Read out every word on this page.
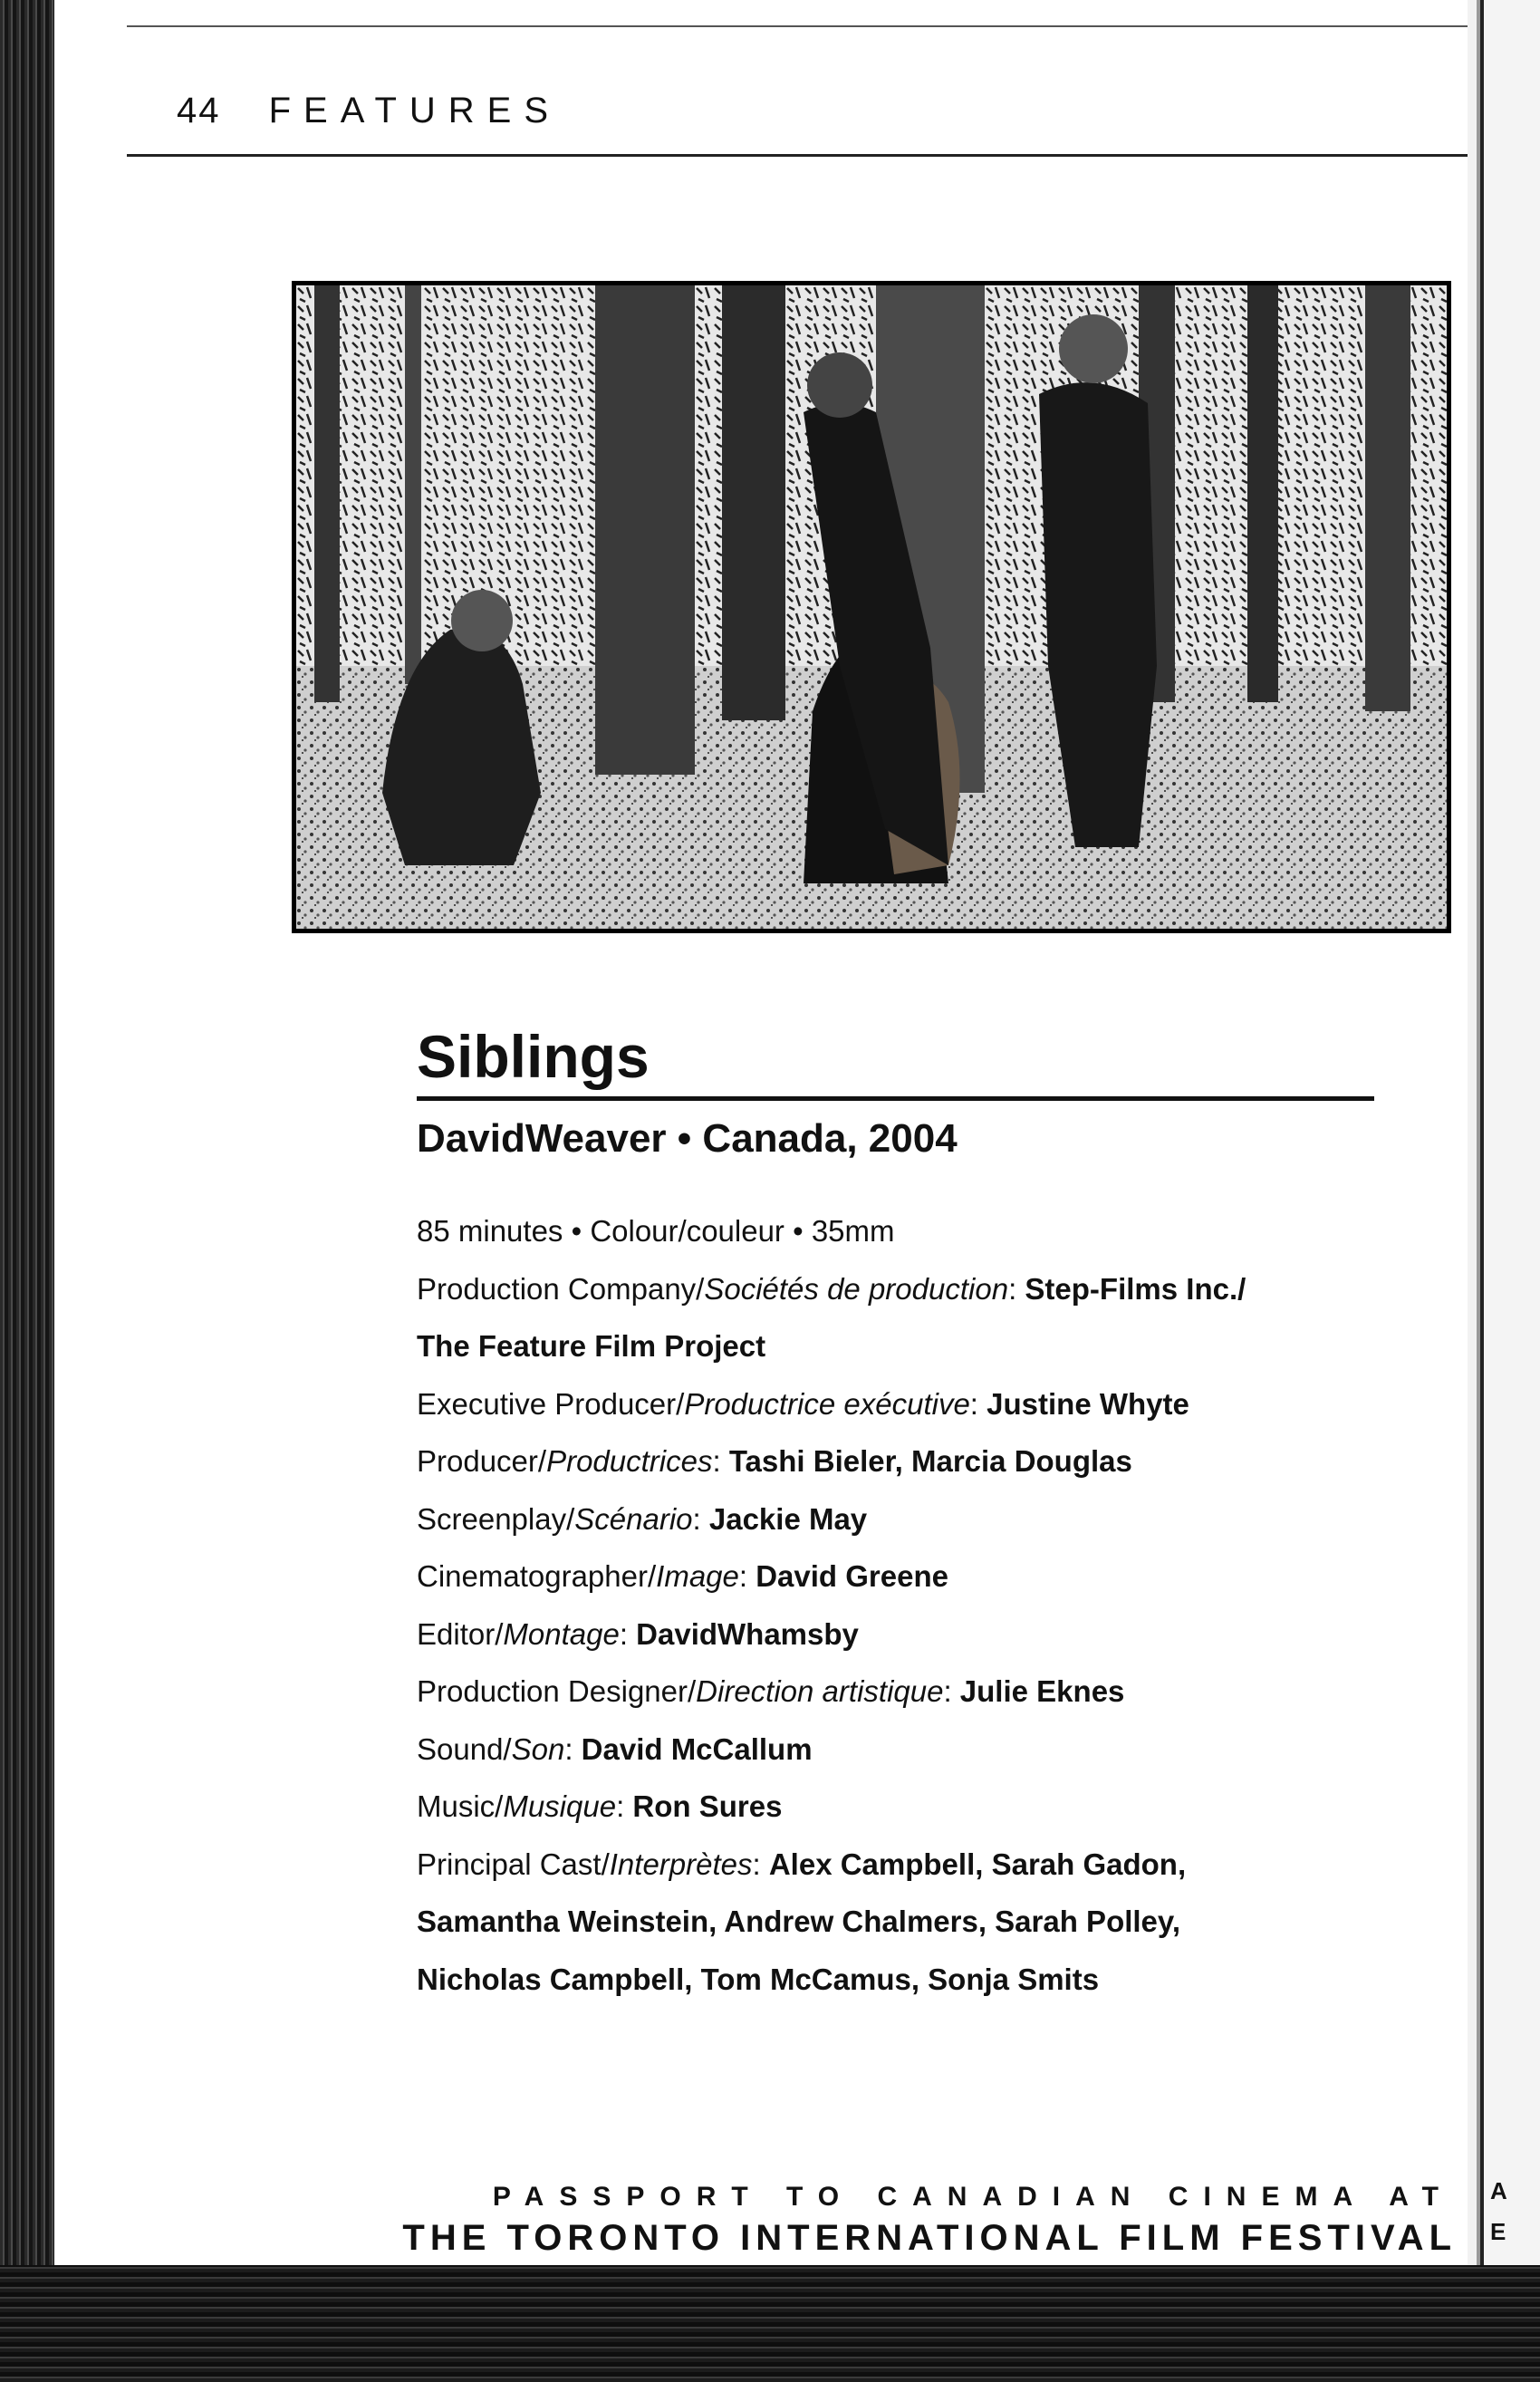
A
E
44 FEATURES
Siblings
DavidWeaver • Canada, 2004
85 minutes • Colour/couleur • 35mm
Production Company/Sociétés de production: Step-Films Inc./
The Feature Film Project
Executive Producer/Productrice exécutive: Justine Whyte
Producer/Productrices: Tashi Bieler, Marcia Douglas
Screenplay/Scénario: Jackie May
Cinematographer/Image: David Greene
Editor/Montage: DavidWhamsby
Production Designer/Direction artistique: Julie Eknes
Sound/Son: David McCallum
Music/Musique: Ron Sures
Principal Cast/Interprètes: Alex Campbell, Sarah Gadon,
Samantha Weinstein, Andrew Chalmers, Sarah Polley,
Nicholas Campbell, Tom McCamus, Sonja Smits
PASSPORT TO CANADIAN CINEMA AT
THE TORONTO INTERNATIONAL FILM FESTIVAL
